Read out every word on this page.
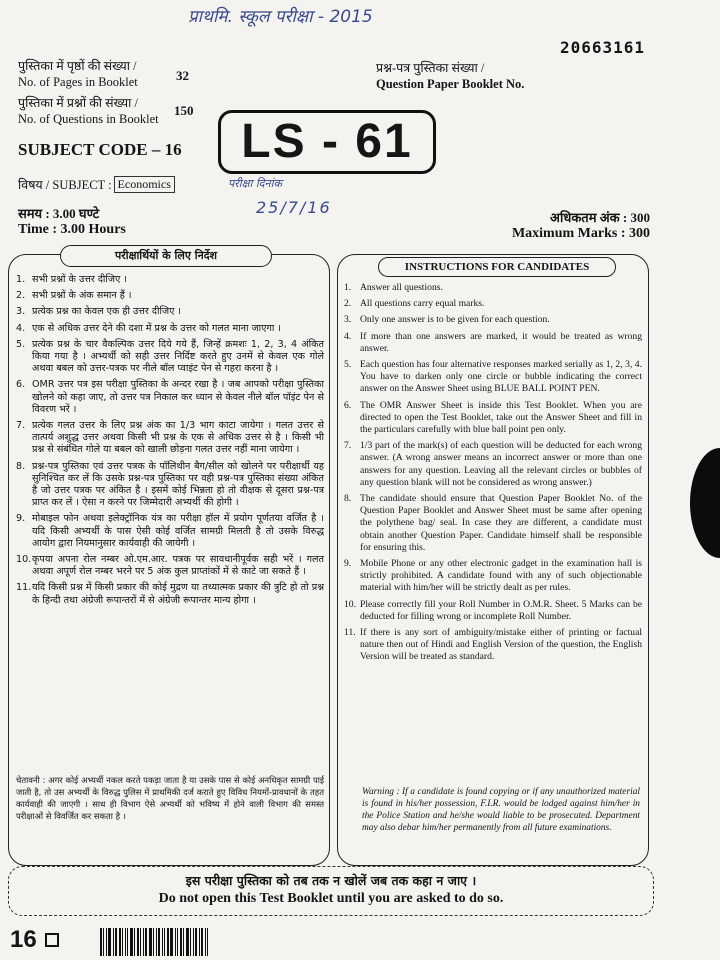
प्राथमि. स्कूल परीक्षा - 2015
20663161
पुस्तिका में पृष्ठों की संख्या /
No. of Pages in Booklet	32
पुस्तिका में प्रश्नों की संख्या /
No. of Questions in Booklet
150
प्रश्न-पत्र पुस्तिका संख्या /
Question Paper Booklet No.
LS - 61
SUBJECT CODE – 16
विषय / SUBJECT : Economics	परीक्षा दिनांक
25/7/16
समय : 3.00 घण्टे
Time : 3.00 Hours
अधिकतम अंक : 300
Maximum Marks : 300
परीक्षार्थियों के लिए निर्देश
1. सभी प्रश्नों के उत्तर दीजिए ।
2. सभी प्रश्नों के अंक समान हैं ।
3. प्रत्येक प्रश्न का केवल एक ही उत्तर दीजिए ।
4. एक से अधिक उत्तर देने की दशा में प्रश्न के उत्तर को गलत माना जाएगा ।
5. प्रत्येक प्रश्न के चार वैकल्पिक उत्तर दिये गये हैं, जिन्हें क्रमशः 1, 2, 3, 4 अंकित किया गया है । अभ्यर्थी को सही उत्तर निर्दिष्ट करते हुए उनमें से केवल एक गोले अथवा बबल को उत्तर-पत्रक पर नीले बॉल प्वाइंट पेन से गहरा करना है ।
6. OMR उत्तर पत्र इस परीक्षा पुस्तिका के अन्दर रखा है । जब आपको परीक्षा पुस्तिका खोलने को कहा जाए, तो उत्तर पत्र निकाल कर ध्यान से केवल नीले बॉल पॉइंट पेन से विवरण भरें ।
7. प्रत्येक गलत उत्तर के लिए प्रश्न अंक का 1/3 भाग काटा जायेगा । गलत उत्तर से तात्पर्य अशुद्ध उत्तर अथवा किसी भी प्रश्न के एक से अधिक उत्तर से है । किसी भी प्रश्न से संबंधित गोले या बबल को खाली छोड़ना गलत उत्तर नहीं माना जायेगा ।
8. प्रश्न-पत्र पुस्तिका एवं उत्तर पत्रक के पॉलिथीन बैग/सील को खोलने पर परीक्षार्थी यह सुनिश्चित कर लें कि उसके प्रश्न-पत्र पुस्तिका पर वही प्रश्न-पत्र पुस्तिका संख्या अंकित है जो उत्तर पत्रक पर अंकित है । इसमें कोई भिन्नता हो तो वीक्षक से दूसरा प्रश्न-पत्र प्राप्त कर लें । ऐसा न करने पर जिम्मेदारी अभ्यर्थी की होगी ।
9. मोबाइल फोन अथवा इलेक्ट्रॉनिक यंत्र का परीक्षा हॉल में प्रयोग पूर्णतया वर्जित है । यदि किसी अभ्यर्थी के पास ऐसी कोई वर्जित सामग्री मिलती है तो उसके विरुद्ध आयोग द्वारा नियमानुसार कार्यवाही की जायेगी ।
10. कृपया अपना रोल नम्बर ओ.एम.आर. पत्रक पर सावधानीपूर्वक सही भरें । गलत अथवा अपूर्ण रोल नम्बर भरने पर 5 अंक कुल प्राप्तांकों में से काटे जा सकते हैं ।
11. यदि किसी प्रश्न में किसी प्रकार की कोई मुद्रण या तथ्यात्मक प्रकार की त्रुटि हो तो प्रश्न के हिन्दी तथा अंग्रेजी रूपान्तरों में से अंग्रेजी रूपान्तर मान्य होगा ।
चेतावनी : अगर कोई अभ्यर्थी नकल करते पकड़ा जाता है या उसके पास से कोई अनधिकृत सामग्री पाई जाती है, तो उस अभ्यर्थी के विरुद्ध पुलिस में प्राथमिकी दर्ज कराते हुए विविध नियमों-प्रावधानों के तहत कार्यवाही की जाएगी । साथ ही विभाग ऐसे अभ्यर्थी को भविष्य में होने वाली विभाग की समस्त परीक्षाओं से विवर्जित कर सकता है ।
INSTRUCTIONS FOR CANDIDATES
1. Answer all questions.
2. All questions carry equal marks.
3. Only one answer is to be given for each question.
4. If more than one answers are marked, it would be treated as wrong answer.
5. Each question has four alternative responses marked serially as 1, 2, 3, 4. You have to darken only one circle or bubble indicating the correct answer on the Answer Sheet using BLUE BALL POINT PEN.
6. The OMR Answer Sheet is inside this Test Booklet. When you are directed to open the Test Booklet, take out the Answer Sheet and fill in the particulars carefully with blue ball point pen only.
7. 1/3 part of the mark(s) of each question will be deducted for each wrong answer. (A wrong answer means an incorrect answer or more than one answers for any question. Leaving all the relevant circles or bubbles of any question blank will not be considered as wrong answer.)
8. The candidate should ensure that Question Paper Booklet No. of the Question Paper Booklet and Answer Sheet must be same after opening the polythene bag/ seal. In case they are different, a candidate must obtain another Question Paper. Candidate himself shall be responsible for ensuring this.
9. Mobile Phone or any other electronic gadget in the examination hall is strictly prohibited. A candidate found with any of such objectionable material with him/her will be strictly dealt as per rules.
10. Please correctly fill your Roll Number in O.M.R. Sheet. 5 Marks can be deducted for filling wrong or incomplete Roll Number.
11. If there is any sort of ambiguity/mistake either of printing or factual nature then out of Hindi and English Version of the question, the English Version will be treated as standard.
Warning : If a candidate is found copying or if any unauthorized material is found in his/her possession, F.I.R. would be lodged against him/her in the Police Station and he/she would liable to be prosecuted. Department may also debar him/her permanently from all future examinations.
इस परीक्षा पुस्तिका को तब तक न खोलें जब तक कहा न जाए ।
Do not open this Test Booklet until you are asked to do so.
16
